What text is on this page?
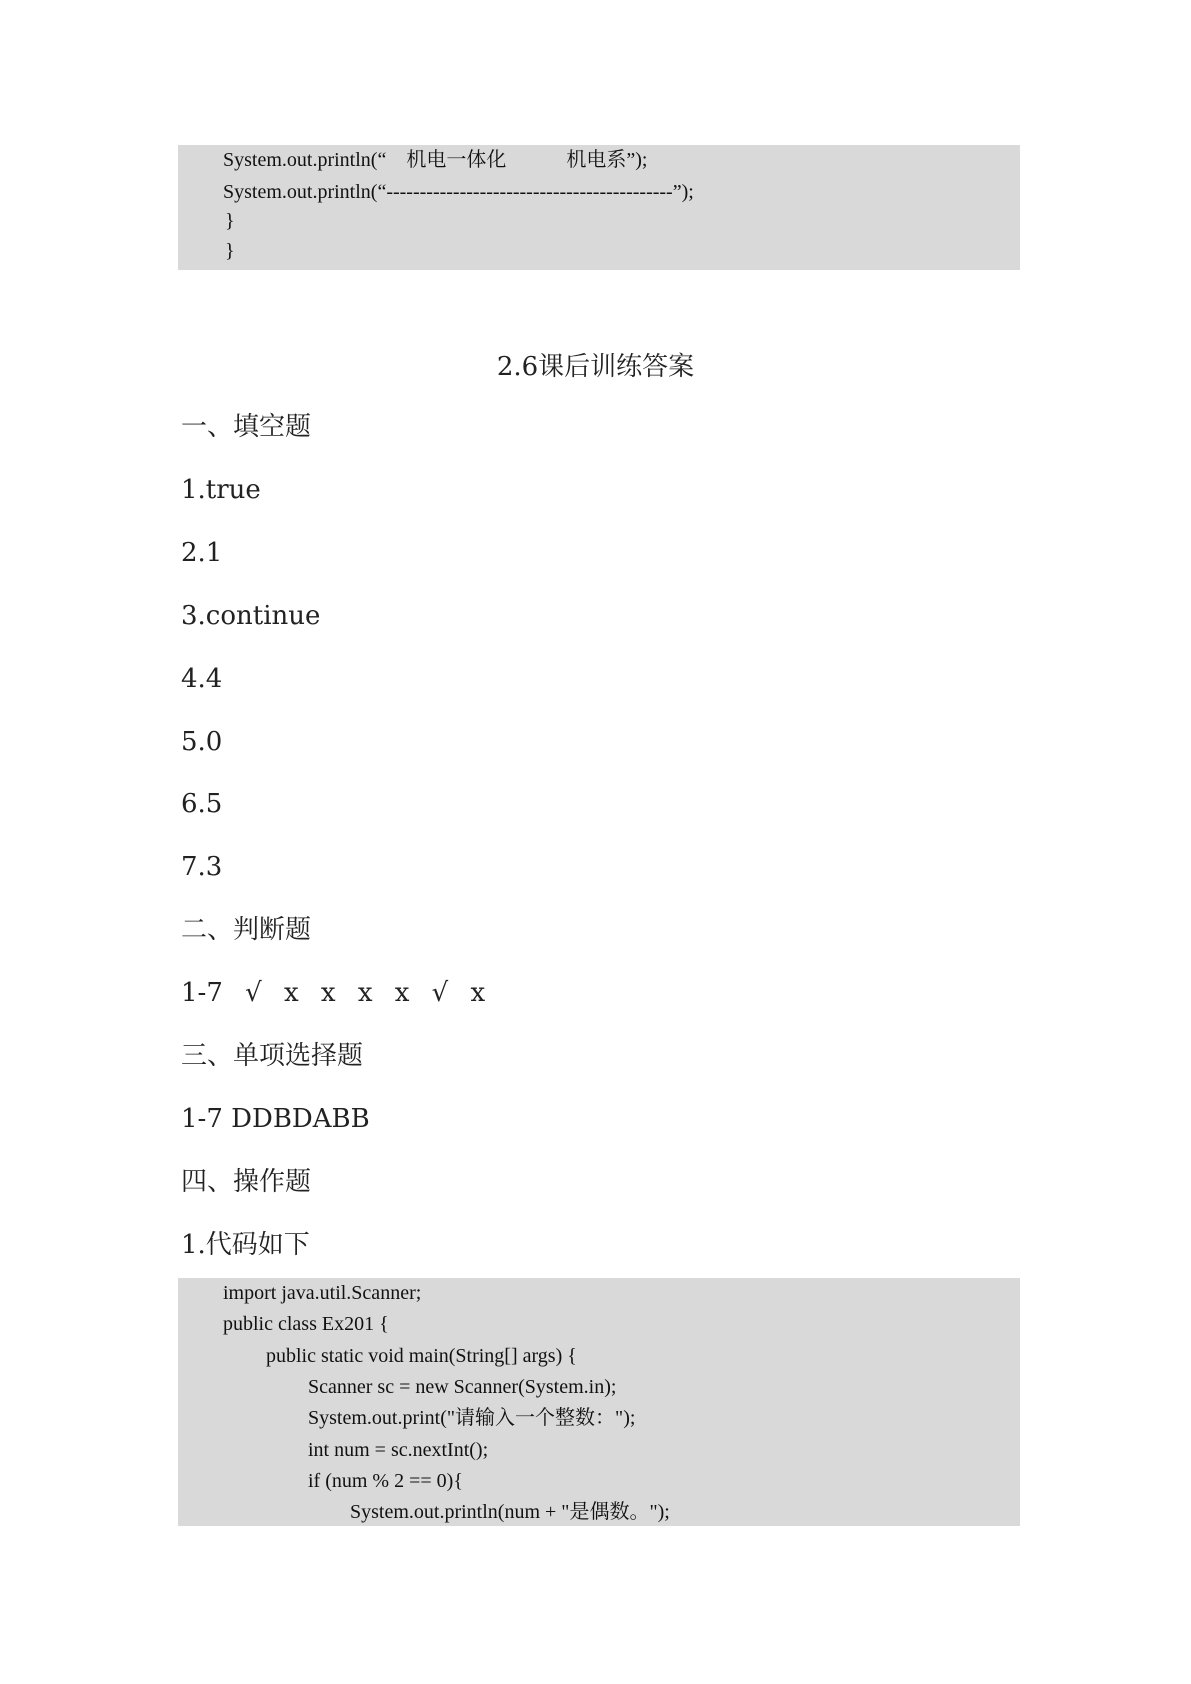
System.out.println(“　机电一体化　　　机电系”);
System.out.println(“-------------------------------------------”);
}
}
2.6课后训练答案
一、填空题
1.true
2.1
3.continue
4.4
5.0
6.5
7.3
二、判断题
1-7 √ x x x x √ x
三、单项选择题
1-7 DDBDABB
四、操作题
1.代码如下
import java.util.Scanner;
public class Ex201 {
public static void main(String[] args) {
Scanner sc = new Scanner(System.in);
System.out.print("请输入一个整数：");
int num = sc.nextInt();
if (num % 2 == 0){
System.out.println(num + "是偶数。");
